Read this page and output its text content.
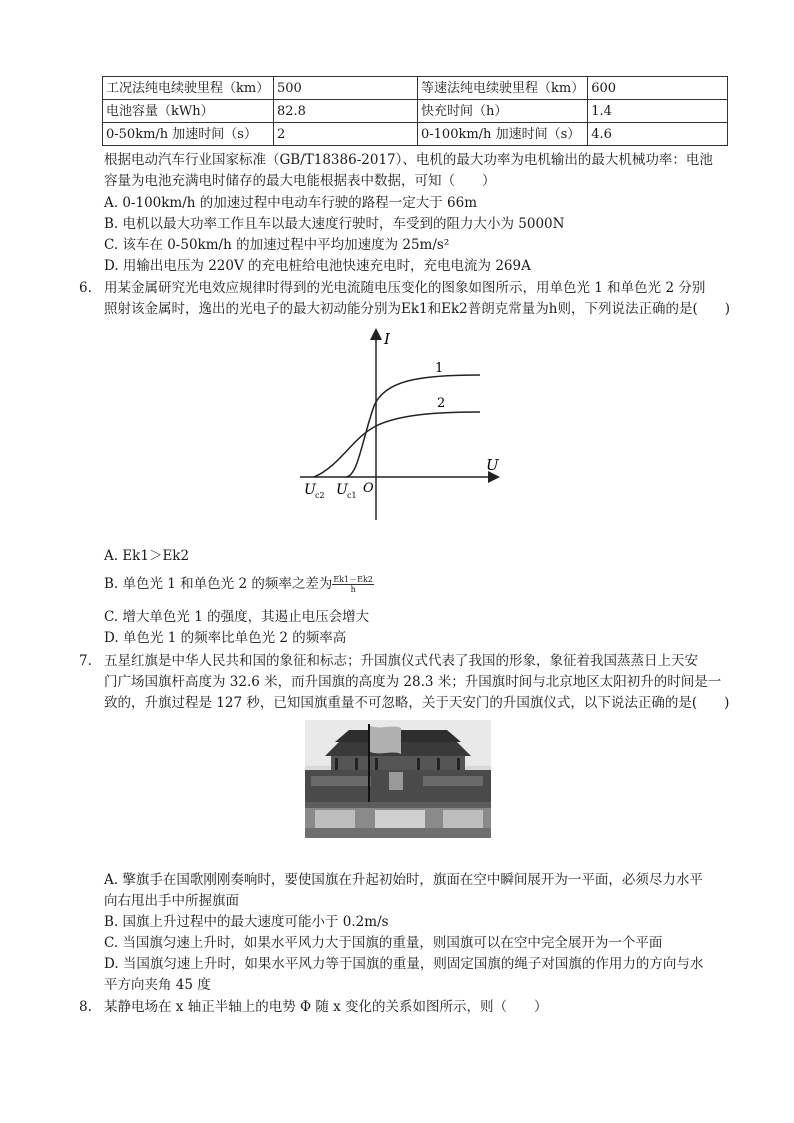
工况法纯电续驶里程（km）	500	等速法纯电续驶里程（km）	600
电池容量（kWh）	82.8	快充时间（h）	1.4
0-50km/h 加速时间（s）	2	0-100km/h 加速时间（s）	4.6
根据电动汽车行业国家标准（GB/T18386-2017）、电机的最大功率为电机输出的最大机械功率：电池
容量为电池充满电时储存的最大电能根据表中数据，可知（　　）
A. 0-100km/h 的加速过程中电动车行驶的路程一定大于 66m
B. 电机以最大功率工作且车以最大速度行驶时，车受到的阻力大小为 5000N
C. 该车在 0-50km/h 的加速过程中平均加速度为 25m/s²
D. 用输出电压为 220V 的充电桩给电池快速充电时，充电电流为 269A
6. 用某金属研究光电效应规律时得到的光电流随电压变化的图象如图所示，用单色光 1 和单色光 2 分别
照射该金属时，逸出的光电子的最大初动能分别为Ek1和Ek2普朗克常量为h则，下列说法正确的是(　　)
I
U
O
1
2
U c2 U c1
A. Ek1＞Ek2
B. 单色光 1 和单色光 2 的频率之差为 $\frac{Ek1-Ek2}{h}$
C. 增大单色光 1 的强度，其遏止电压会增大
D. 单色光 1 的频率比单色光 2 的频率高
7. 五星红旗是中华人民共和国的象征和标志；升国旗仪式代表了我国的形象，象征着我国蒸蒸日上天安
门广场国旗杆高度为 32.6 米，而升国旗的高度为 28.3 米；升国旗时间与北京地区太阳初升的时间是一
致的，升旗过程是 127 秒，已知国旗重量不可忽略，关于天安门的升国旗仪式，以下说法正确的是(　　)
A. 擎旗手在国歌刚刚奏响时，要使国旗在升起初始时，旗面在空中瞬间展开为一平面，必须尽力水平
向右甩出手中所握旗面
B. 国旗上升过程中的最大速度可能小于 0.2m/s
C. 当国旗匀速上升时，如果水平风力大于国旗的重量，则国旗可以在空中完全展开为一个平面
D. 当国旗匀速上升时，如果水平风力等于国旗的重量，则固定国旗的绳子对国旗的作用力的方向与水
平方向夹角 45 度
8. 某静电场在 x 轴正半轴上的电势 Φ 随 x 变化的关系如图所示，则（　　）
